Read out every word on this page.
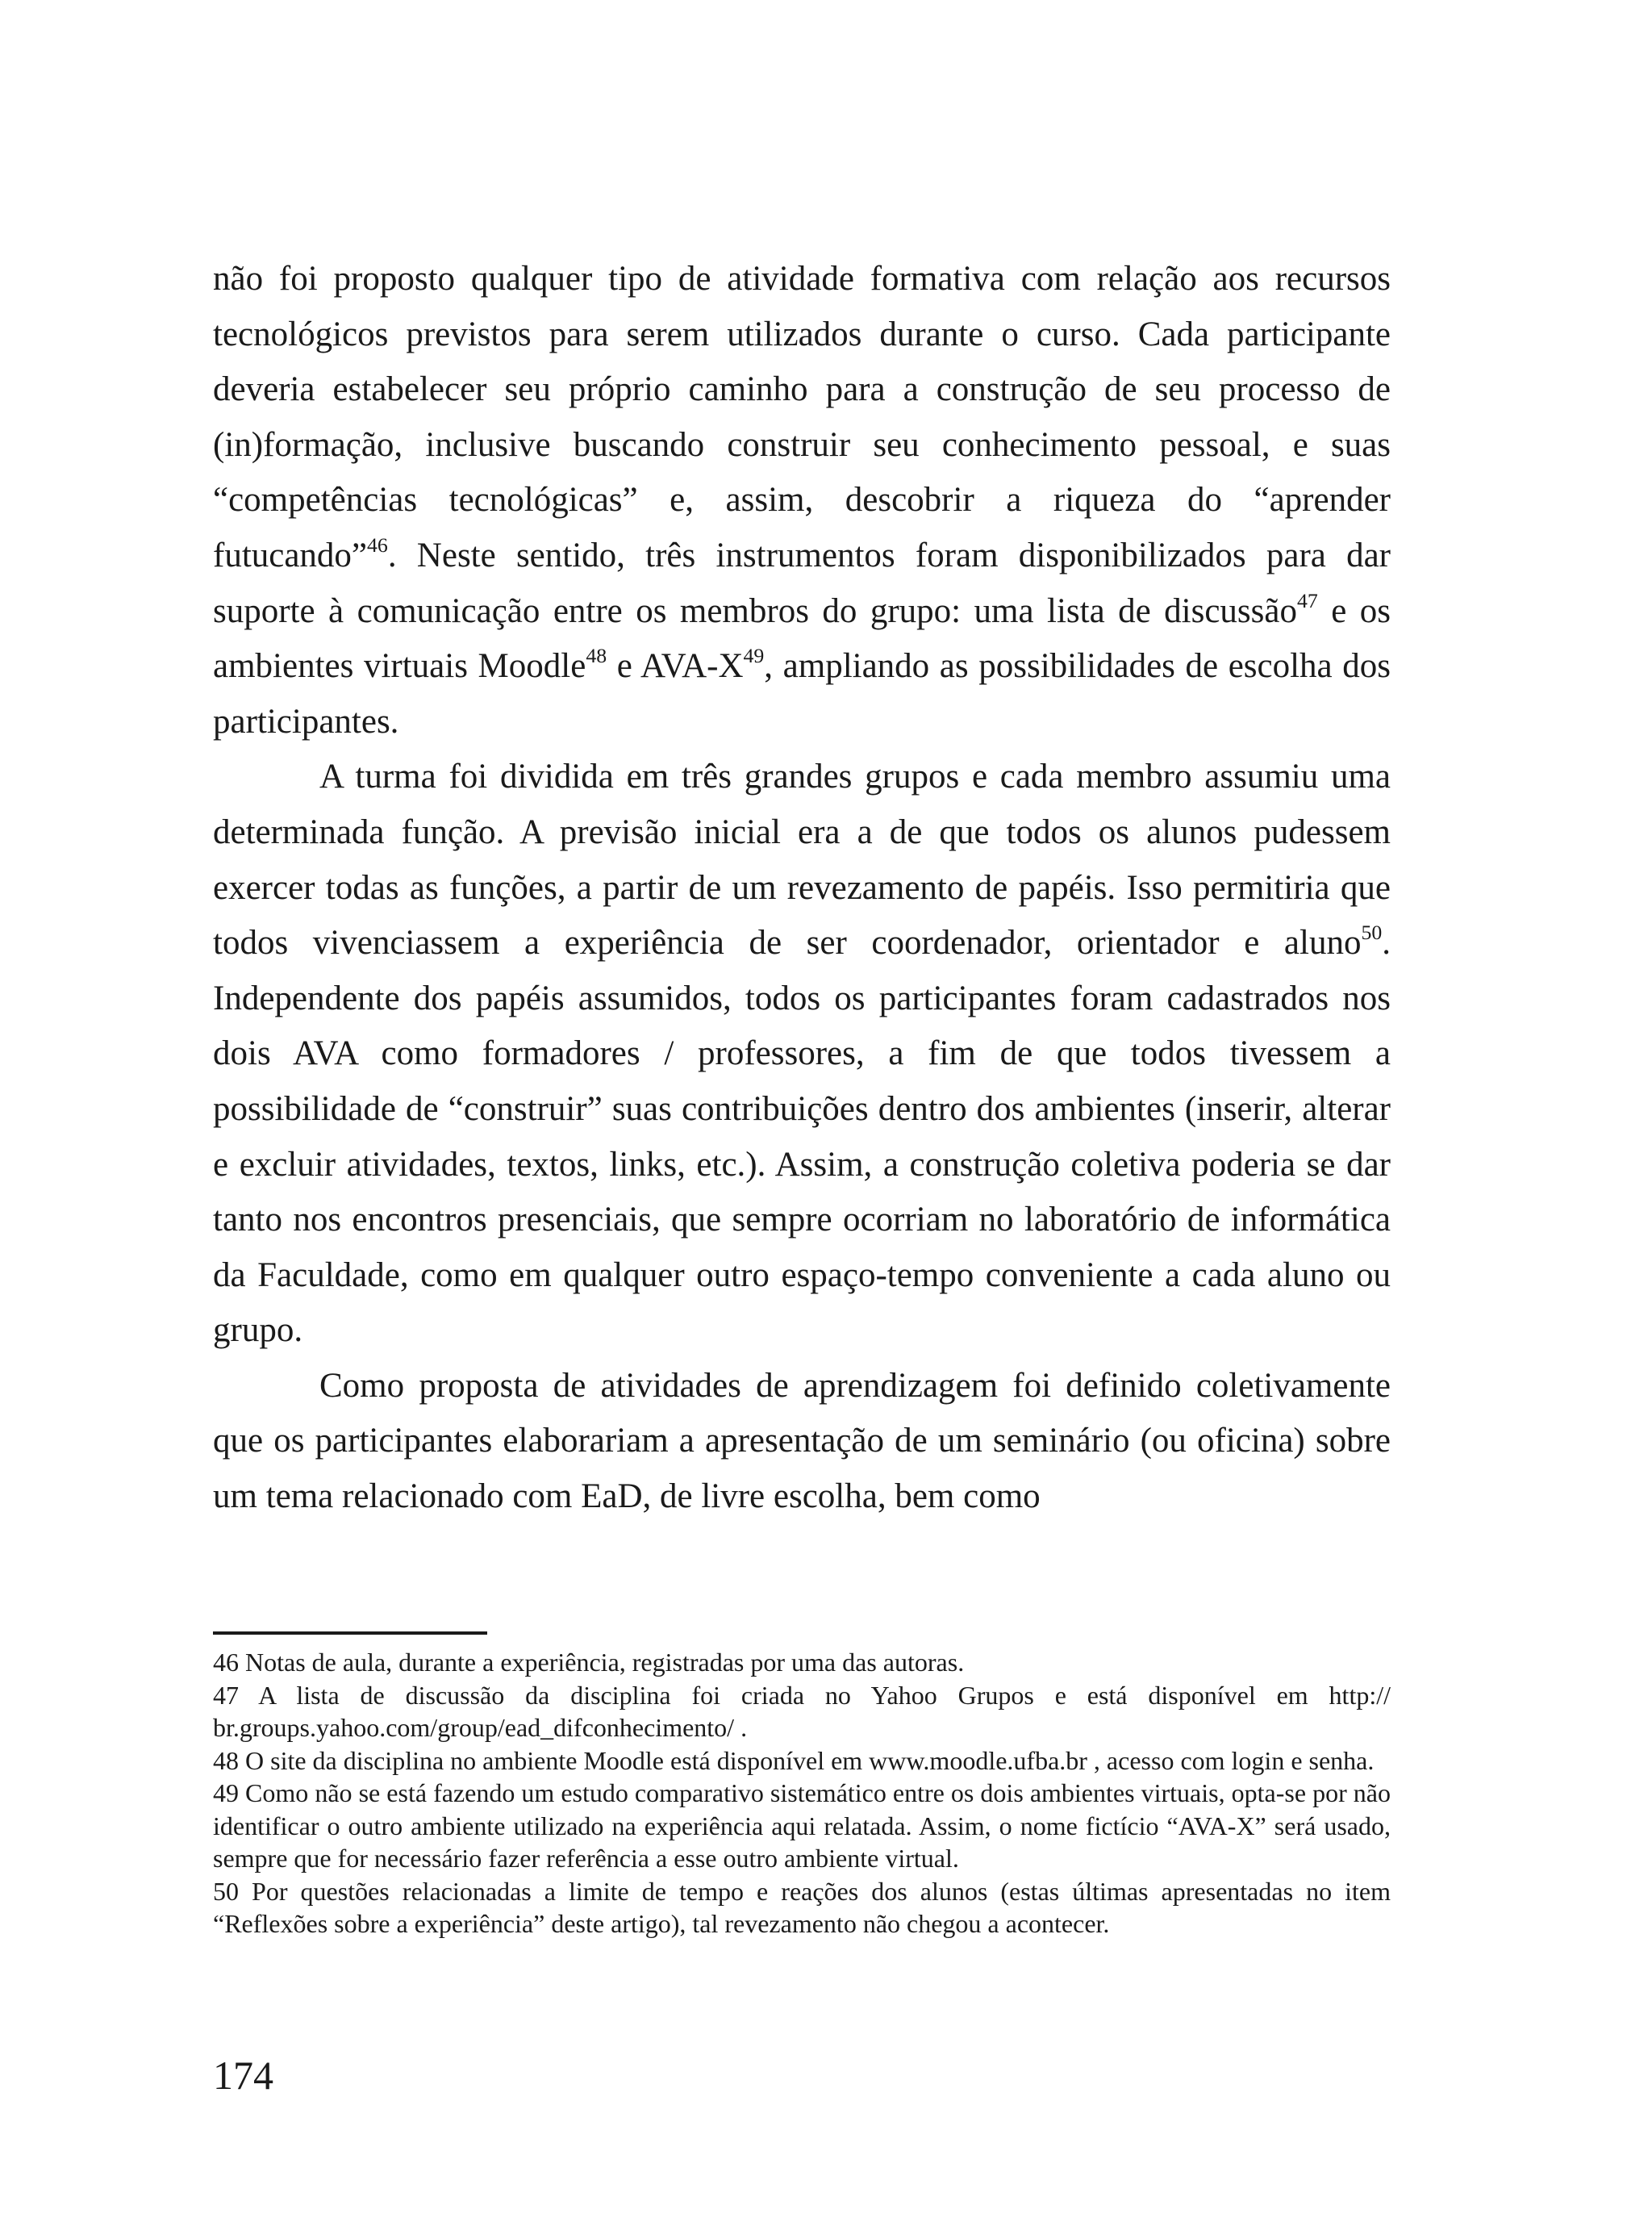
não foi proposto qualquer tipo de atividade formativa com relação aos recursos tecnológicos previstos para serem utilizados durante o curso. Cada participante deveria estabelecer seu próprio caminho para a construção de seu processo de (in)formação, inclusive buscando construir seu conhecimento pessoal, e suas “competências tecnológicas” e, assim, descobrir a riqueza do “aprender futucando”$^{46}$. Neste sentido, três instrumentos foram disponibilizados para dar suporte à comunicação entre os membros do grupo: uma lista de discussão$^{47}$ e os ambientes virtuais Moodle$^{48}$ e AVA-$X^{49}$, ampliando as possibilidades de escolha dos participantes.

A turma foi dividida em três grandes grupos e cada membro assumiu uma determinada função. A previsão inicial era a de que todos os alunos pudessem exercer todas as funções, a partir de um revezamento de papéis. Isso permitiria que todos vivenciassem a experiência de ser coordenador, orientador e aluno$^{50}$. Independente dos papéis assumidos, todos os participantes foram cadastrados nos dois AVA como formadores / professores, a fim de que todos tivessem a possibilidade de “construir” suas contribuições dentro dos ambientes (inserir, alterar e excluir atividades, textos, links, etc.). Assim, a construção coletiva poderia se dar tanto nos encontros presenciais, que sempre ocorriam no laboratório de informática da Faculdade, como em qualquer outro espaço-tempo conveniente a cada aluno ou grupo.

Como proposta de atividades de aprendizagem foi definido coletivamente que os participantes elaborariam a apresentação de um seminário (ou oficina) sobre um tema relacionado com EaD, de livre escolha, bem como

46 Notas de aula, durante a experiência, registradas por uma das autoras.

47 A lista de discussão da disciplina foi criada no Yahoo Grupos e está disponível em http:// br.groups.yahoo.com/group/ead_difconhecimento/ .

48 O site da disciplina no ambiente Moodle está disponível em www.moodle.ufba.br , acesso com login e senha.

49 Como não se está fazendo um estudo comparativo sistemático entre os dois ambientes virtuais, opta-se por não identificar o outro ambiente utilizado na experiência aqui relatada. Assim, o nome fictício “AVA-X” será usado, sempre que for necessário fazer referência a esse outro ambiente virtual.

50 Por questões relacionadas a limite de tempo e reações dos alunos (estas últimas apresentadas no item “Reflexões sobre a experiência” deste artigo), tal revezamento não chegou a acontecer.

174
